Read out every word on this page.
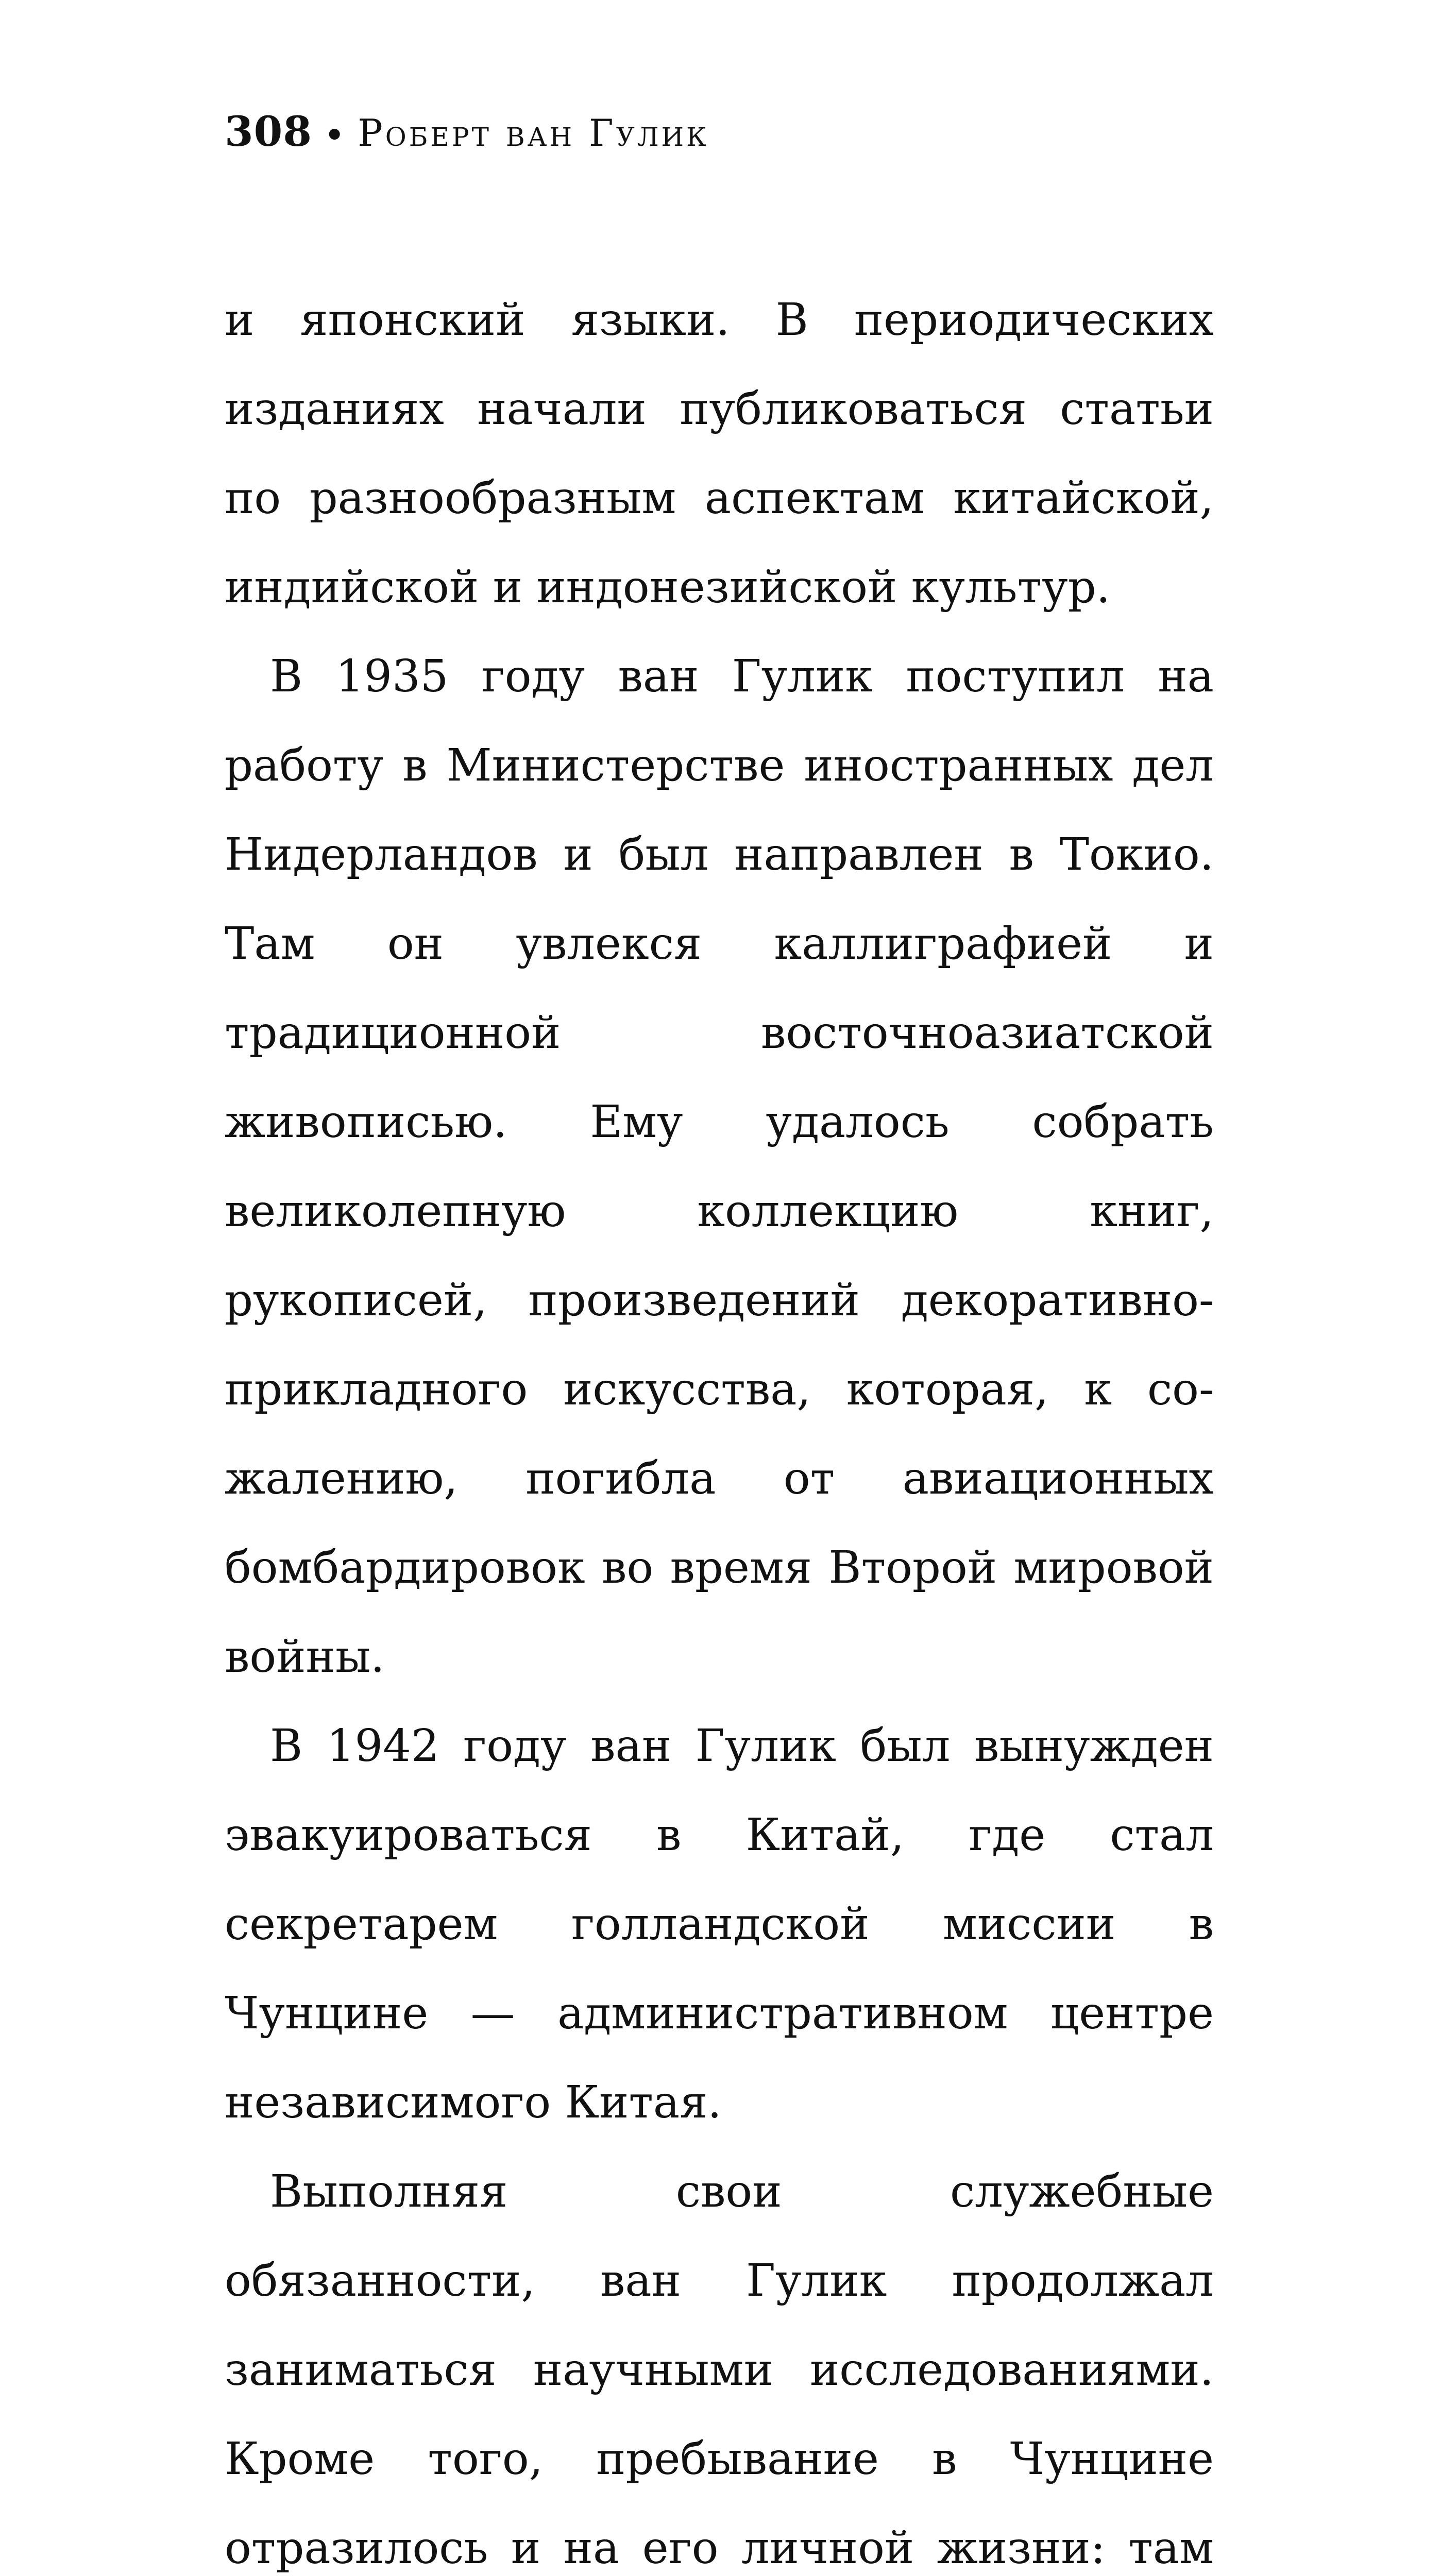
308 • Роберт ван Гулик

и японский языки. В периодических изданиях начали публиковаться статьи по разнообразным аспектам китайской, индийской и индонезийской культур.

В 1935 году ван Гулик поступил на работу в Министерстве иностранных дел Нидерландов и был направлен в Токио. Там он увлекся каллиграфией и традиционной восточноазиатской живописью. Ему удалось собрать великолепную коллекцию книг, рукописей, произведений декоративно-прикладного искусства, которая, к сожалению, погибла от авиационных бомбардировок во время Второй мировой войны.

В 1942 году ван Гулик был вынужден эвакуироваться в Китай, где стал секретарем голландской миссии в Чунцине — административном центре независимого Китая.

Выполняя свои служебные обязанности, ван Гулик продолжал заниматься научными исследованиями. Кроме того, пребывание в Чунцине отразилось и на его личной жизни: там
